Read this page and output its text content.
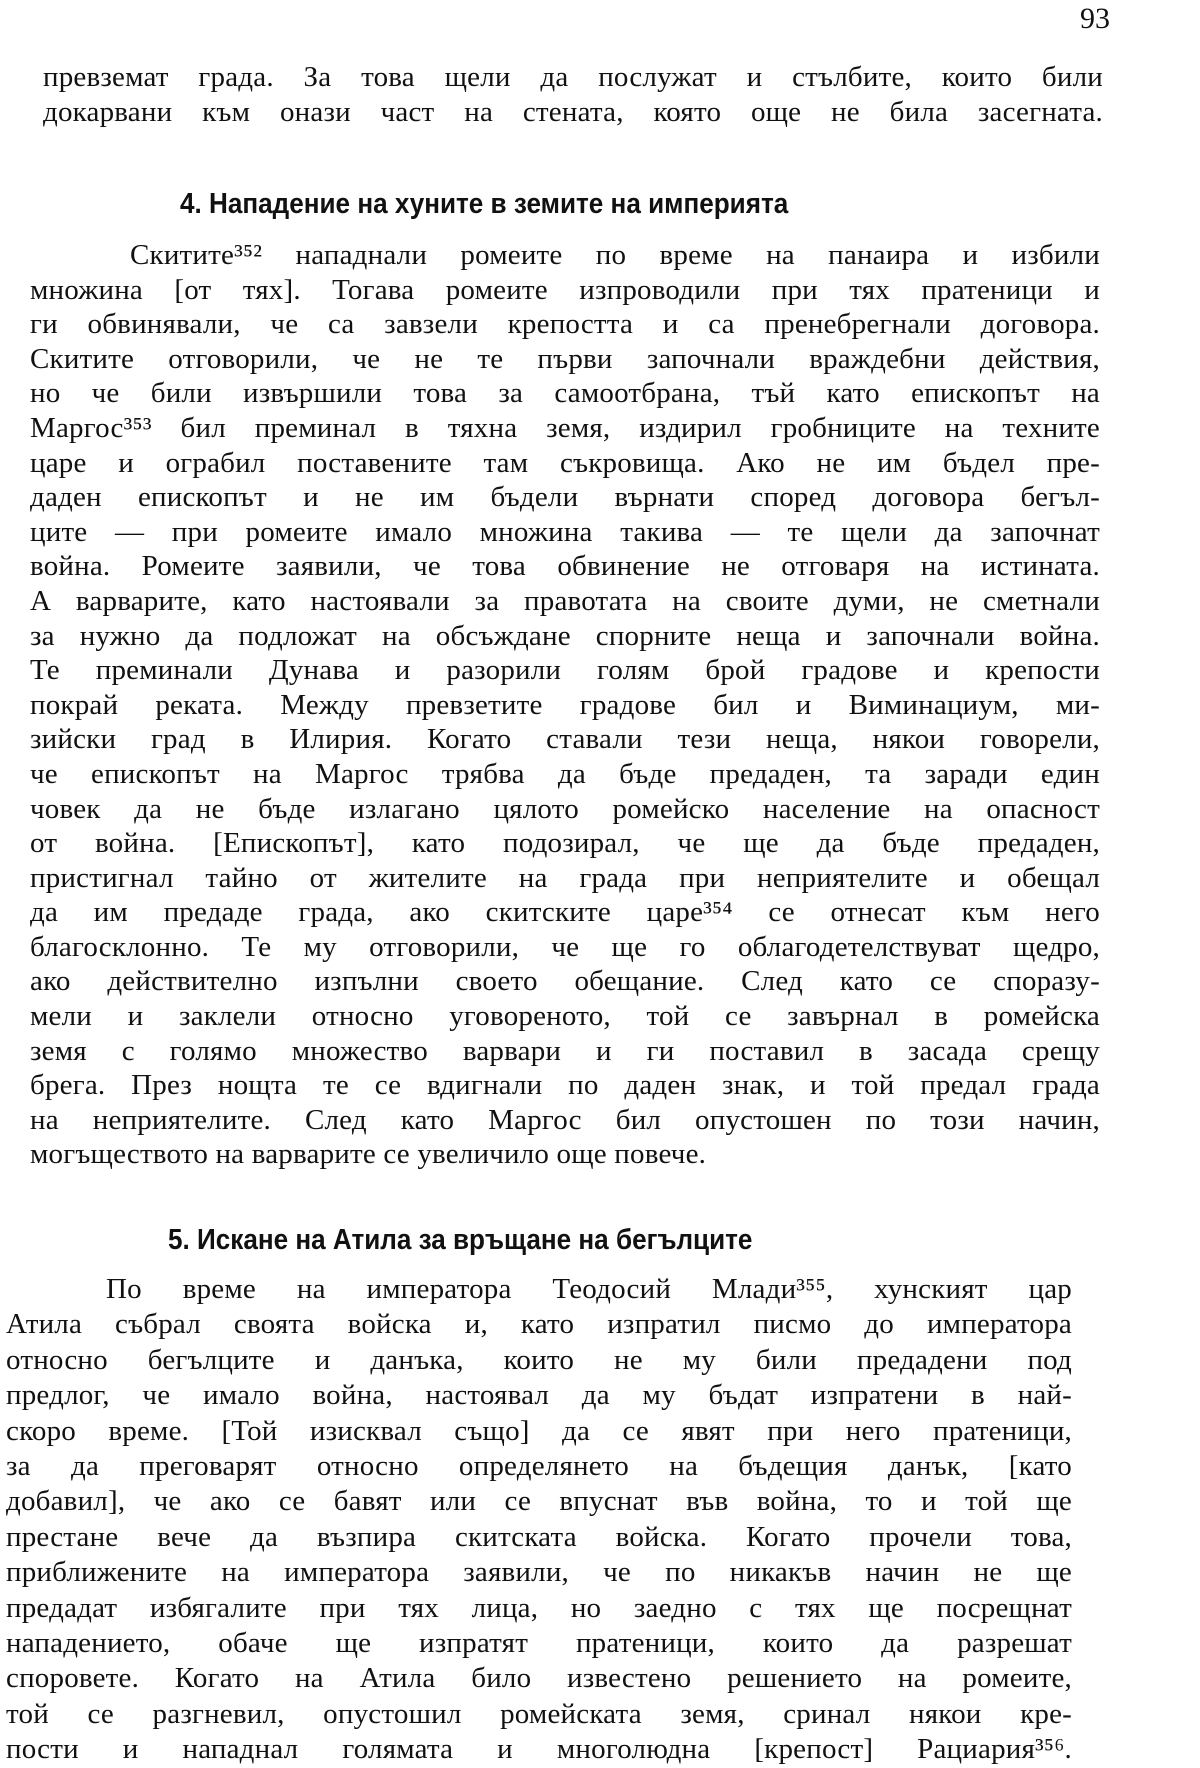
93
превземат града. За това щели да послужат и стълбите, които били
докарвани към онази част на стената, която още не била засегната.
4. Нападение на хуните в земите на империята
Скитите³⁵² нападнали ромеите по време на панаира и избили
множина [от тях]. Тогава ромеите изпроводили при тях пратеници и
ги обвинявали, че са завзели крепостта и са пренебрегнали договора.
Скитите отговорили, че не те първи започнали враждебни действия,
но че били извършили това за самоотбрана, тъй като епископът на
Маргос³⁵³ бил преминал в тяхна земя, издирил гробниците на техните
царе и ограбил поставените там съкровища. Ако не им бъдел пре-
даден епископът и не им бъдели върнати според договора бегъл-
ците — при ромеите имало множина такива — те щели да започнат
война. Ромеите заявили, че това обвинение не отговаря на истината.
А варварите, като настоявали за правотата на своите думи, не сметнали
за нужно да подложат на обсъждане спорните неща и започнали война.
Те преминали Дунава и разорили голям брой градове и крепости
покрай реката. Между превзетите градове бил и Виминациум, ми-
зийски град в Илирия. Когато ставали тези неща, някои говорели,
че епископът на Маргос трябва да бъде предаден, та заради един
човек да не бъде излагано цялото ромейско население на опасност
от война. [Епископът], като подозирал, че ще да бъде предаден,
пристигнал тайно от жителите на града при неприятелите и обещал
да им предаде града, ако скитските царе³⁵⁴ се отнесат към него
благосклонно. Те му отговорили, че ще го облагодетелствуват щедро,
ако действително изпълни своето обещание. След като се споразу-
мели и заклели относно уговореното, той се завърнал в ромейска
земя с голямо множество варвари и ги поставил в засада срещу
брега. През нощта те се вдигнали по даден знак, и той предал града
на неприятелите. След като Маргос бил опустошен по този начин,
могъществото на варварите се увеличило още повече.
5. Искане на Атила за връщане на бегълците
По време на императора Теодосий Млади³⁵⁵, хунският цар
Атила събрал своята войска и, като изпратил писмо до императора
относно бегълците и данъка, които не му били предадени под
предлог, че имало война, настоявал да му бъдат изпратени в най-
скоро време. [Той изисквал също] да се явят при него пратеници,
за да преговарят относно определянето на бъдещия данък, [като
добавил], че ако се бавят или се впуснат във война, то и той ще
престане вече да възпира скитската войска. Когато прочели това,
приближените на императора заявили, че по никакъв начин не ще
предадат избягалите при тях лица, но заедно с тях ще посрещнат
нападението, обаче ще изпратят пратеници, които да разрешат
споровете. Когато на Атила било известено решението на ромеите,
той се разгневил, опустошил ромейската земя, сринал някои кре-
пости и нападнал голямата и многолюдна [крепост] Рациария³⁵⁶.
